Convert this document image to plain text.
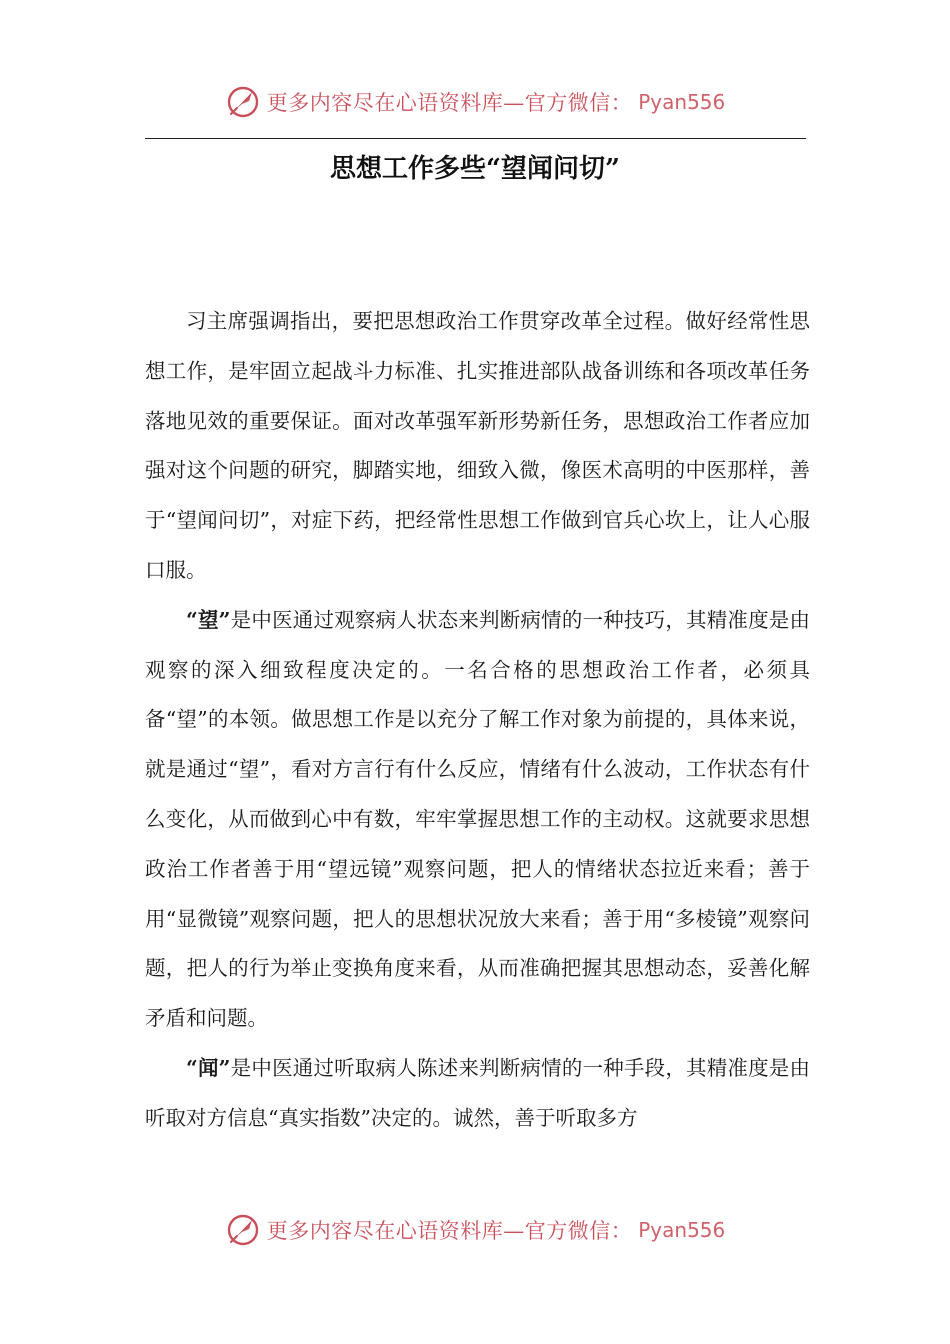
更多内容尽在心语资料库—官方微信： Pyan556
思想工作多些“望闻问切”

习主席强调指出，要把思想政治工作贯穿改革全过程。做好经常性思想工作，是牢固立起战斗力标准、扎实推进部队战备训练和各项改革任务落地见效的重要保证。面对改革强军新形势新任务，思想政治工作者应加强对这个问题的研究，脚踏实地，细致入微，像医术高明的中医那样，善于“望闻问切”，对症下药，把经常性思想工作做到官兵心坎上，让人心服口服。

“望”是中医通过观察病人状态来判断病情的一种技巧，其精准度是由观察的深入细致程度决定的。一名合格的思想政治工作者，必须具备“望”的本领。做思想工作是以充分了解工作对象为前提的，具体来说，就是通过“望”，看对方言行有什么反应，情绪有什么波动，工作状态有什么变化，从而做到心中有数，牢牢掌握思想工作的主动权。这就要求思想政治工作者善于用“望远镜”观察问题，把人的情绪状态拉近来看；善于用“显微镜”观察问题，把人的思想状况放大来看；善于用“多棱镜”观察问题，把人的行为举止变换角度来看，从而准确把握其思想动态，妥善化解矛盾和问题。

“闻”是中医通过听取病人陈述来判断病情的一种手段，其精准度是由听取对方信息“真实指数”决定的。诚然，善于听取多方

更多内容尽在心语资料库—官方微信： Pyan556
